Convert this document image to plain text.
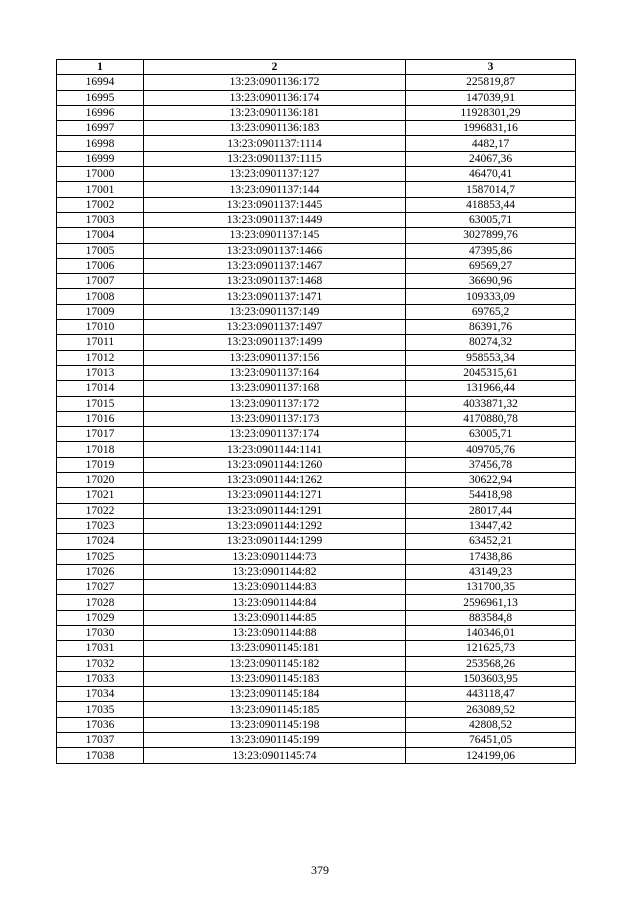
1	2	3
16994	13:23:0901136:172	225819,87
16995	13:23:0901136:174	147039,91
16996	13:23:0901136:181	11928301,29
16997	13:23:0901136:183	1996831,16
16998	13:23:0901137:1114	4482,17
16999	13:23:0901137:1115	24067,36
17000	13:23:0901137:127	46470,41
17001	13:23:0901137:144	1587014,7
17002	13:23:0901137:1445	418853,44
17003	13:23:0901137:1449	63005,71
17004	13:23:0901137:145	3027899,76
17005	13:23:0901137:1466	47395,86
17006	13:23:0901137:1467	69569,27
17007	13:23:0901137:1468	36690,96
17008	13:23:0901137:1471	109333,09
17009	13:23:0901137:149	69765,2
17010	13:23:0901137:1497	86391,76
17011	13:23:0901137:1499	80274,32
17012	13:23:0901137:156	958553,34
17013	13:23:0901137:164	2045315,61
17014	13:23:0901137:168	131966,44
17015	13:23:0901137:172	4033871,32
17016	13:23:0901137:173	4170880,78
17017	13:23:0901137:174	63005,71
17018	13:23:0901144:1141	409705,76
17019	13:23:0901144:1260	37456,78
17020	13:23:0901144:1262	30622,94
17021	13:23:0901144:1271	54418,98
17022	13:23:0901144:1291	28017,44
17023	13:23:0901144:1292	13447,42
17024	13:23:0901144:1299	63452,21
17025	13:23:0901144:73	17438,86
17026	13:23:0901144:82	43149,23
17027	13:23:0901144:83	131700,35
17028	13:23:0901144:84	2596961,13
17029	13:23:0901144:85	883584,8
17030	13:23:0901144:88	140346,01
17031	13:23:0901145:181	121625,73
17032	13:23:0901145:182	253568,26
17033	13:23:0901145:183	1503603,95
17034	13:23:0901145:184	443118,47
17035	13:23:0901145:185	263089,52
17036	13:23:0901145:198	42808,52
17037	13:23:0901145:199	76451,05
17038	13:23:0901145:74	124199,06
379
